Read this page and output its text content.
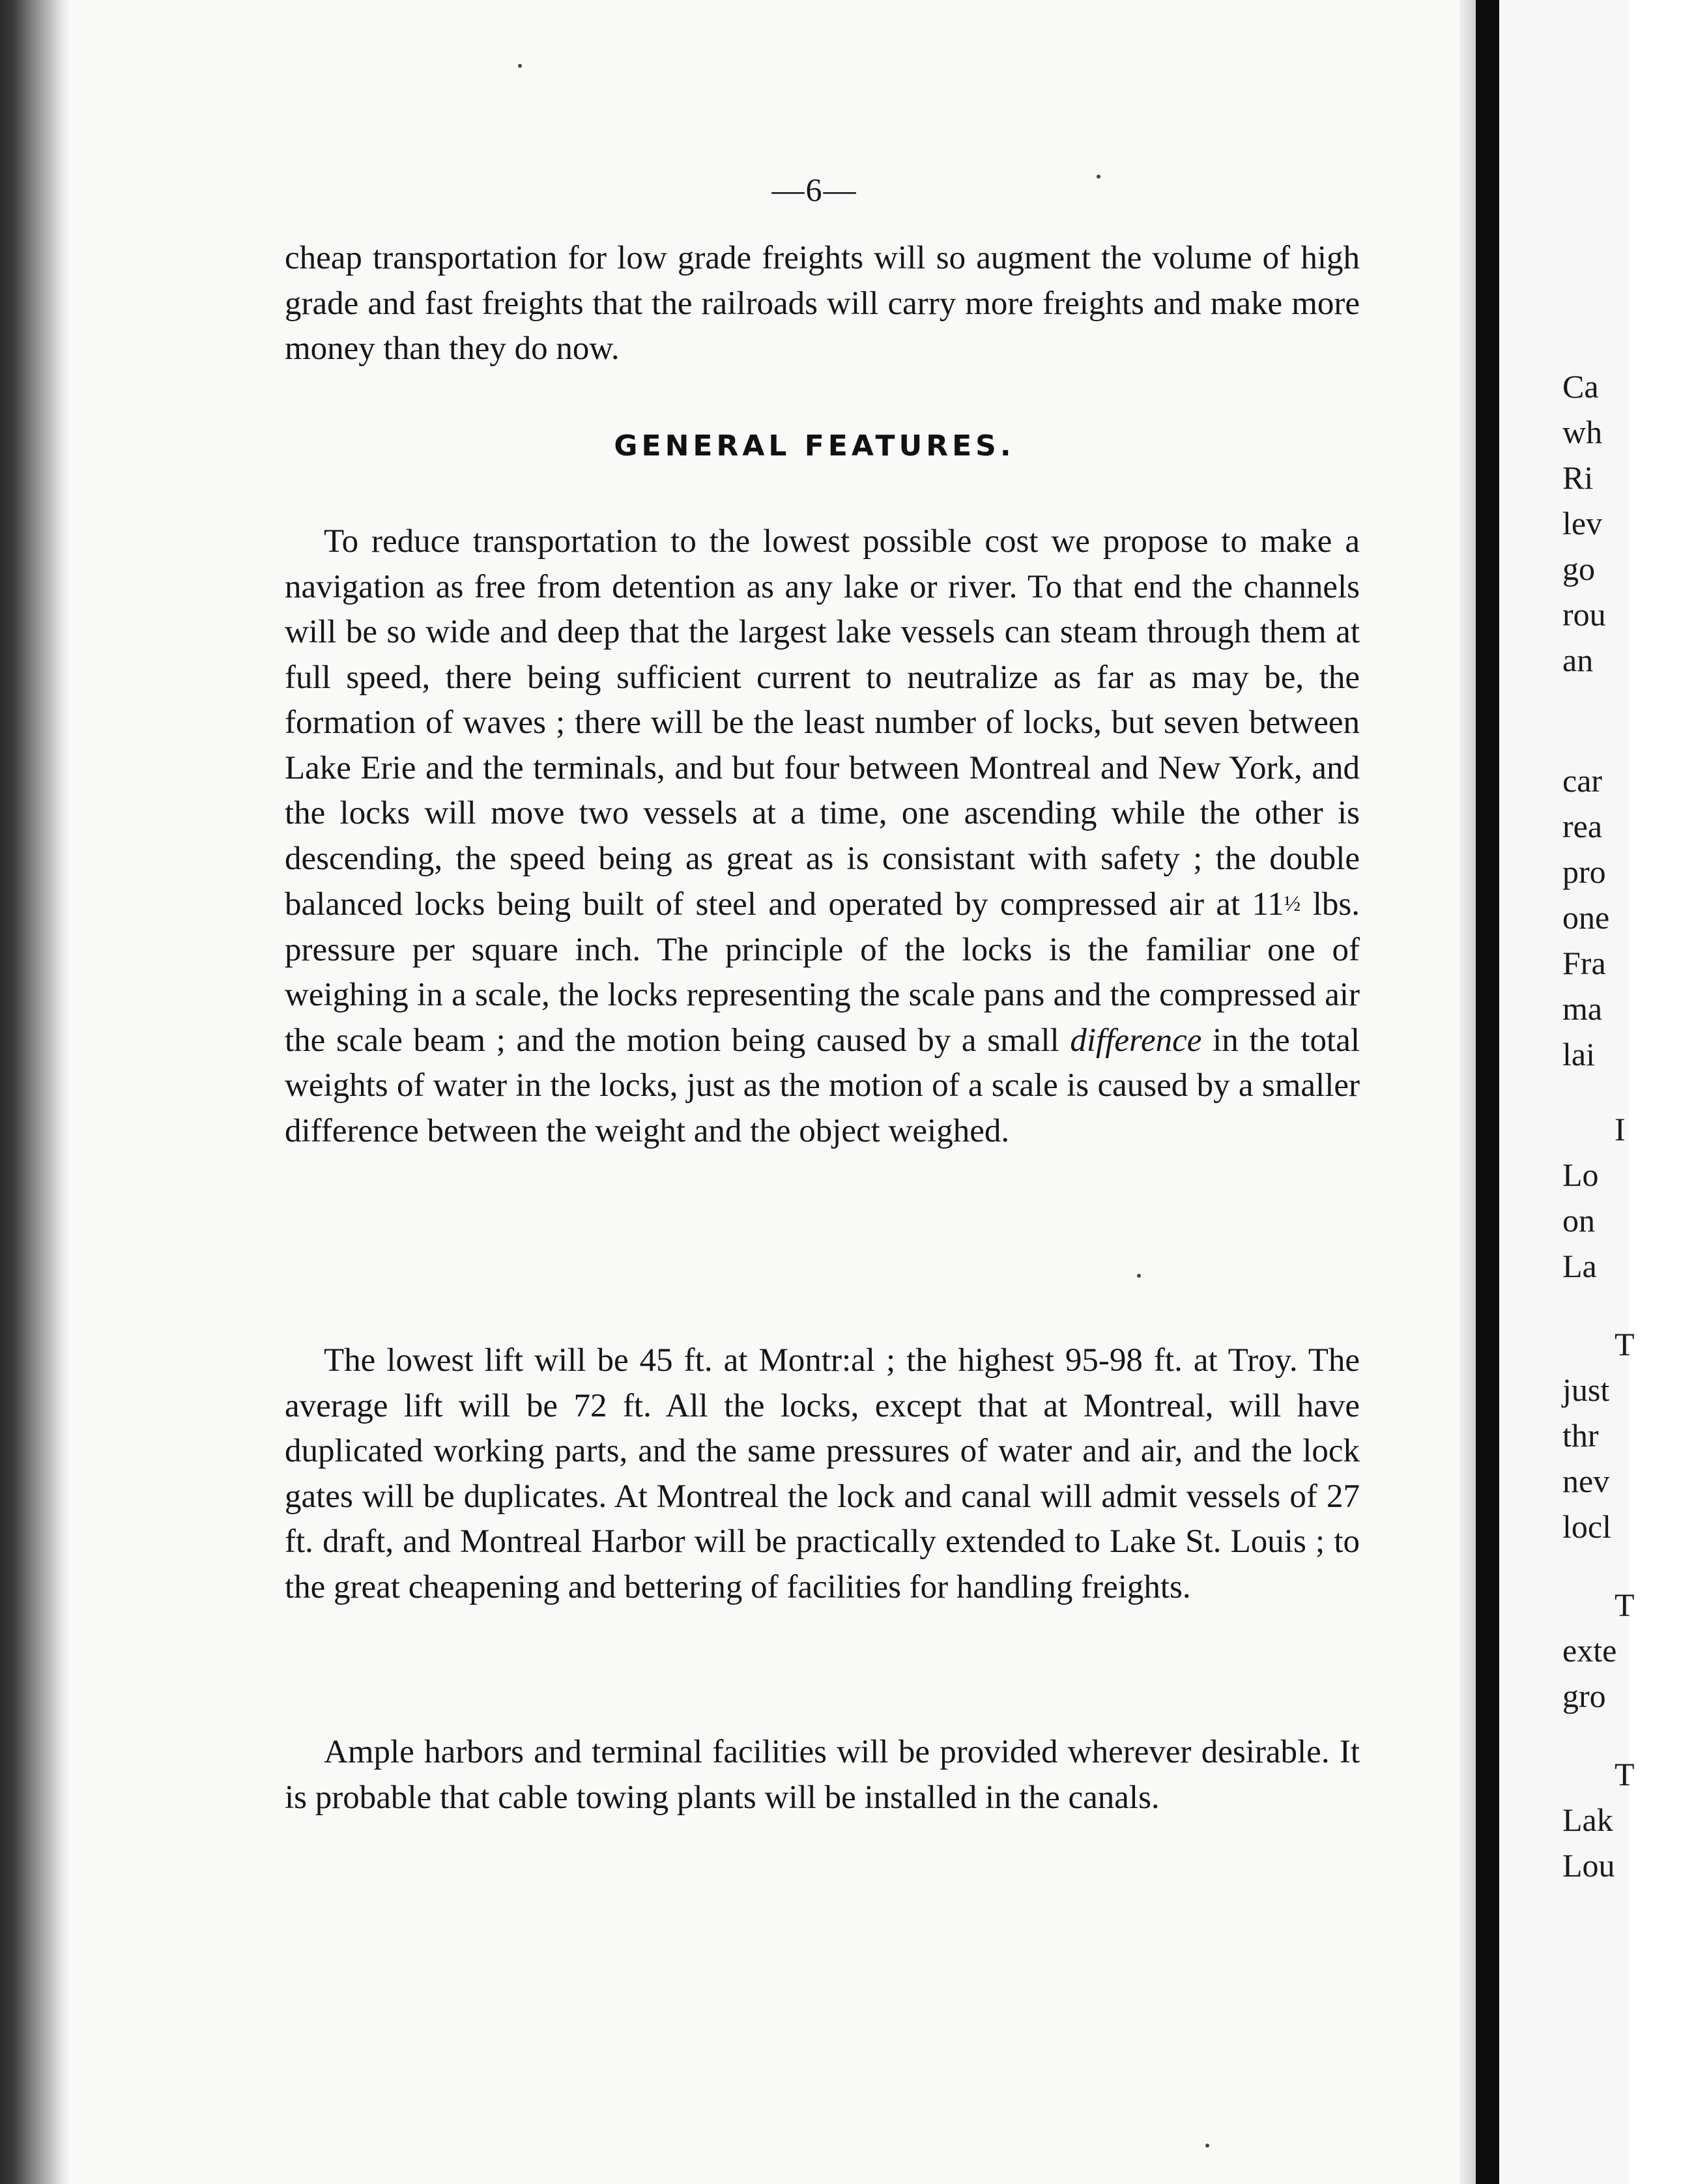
—6—

cheap transportation for low grade freights will so augment the volume of high grade and fast freights that the railroads will carry more freights and make more money than they do now.

GENERAL FEATURES.

To reduce transportation to the lowest possible cost we propose to make a navigation as free from detention as any lake or river. To that end the channels will be so wide and deep that the largest lake vessels can steam through them at full speed, there being sufficient current to neutralize as far as may be, the formation of waves ; there will be the least number of locks, but seven between Lake Erie and the terminals, and but four between Montreal and New York, and the locks will move two vessels at a time, one ascending while the other is descending, the speed being as great as is consistant with safety ; the double balanced locks being built of steel and operated by compressed air at 11½ lbs. pressure per square inch. The principle of the locks is the familiar one of weighing in a scale, the locks representing the scale pans and the compressed air the scale beam ; and the motion being caused by a small difference in the total weights of water in the locks, just as the motion of a scale is caused by a smaller difference between the weight and the object weighed.

The lowest lift will be 45 ft. at Montr:al ; the highest 95-98 ft. at Troy. The average lift will be 72 ft. All the locks, except that at Montreal, will have duplicated working parts, and the same pressures of water and air, and the lock gates will be duplicates. At Montreal the lock and canal will admit vessels of 27 ft. draft, and Montreal Harbor will be practically extended to Lake St. Louis ; to the great cheapening and bettering of facilities for handling freights.

Ample harbors and terminal facilities will be provided wherever desirable. It is probable that cable towing plants will be installed in the canals.

Ca
wh
Ri
lev
go
rou
an
car
rea
pro
one
Fra
ma
lai
I
Lo
on
La
T
just
thr
nev
locl
T
exte
gro
T
Lak
Lou
